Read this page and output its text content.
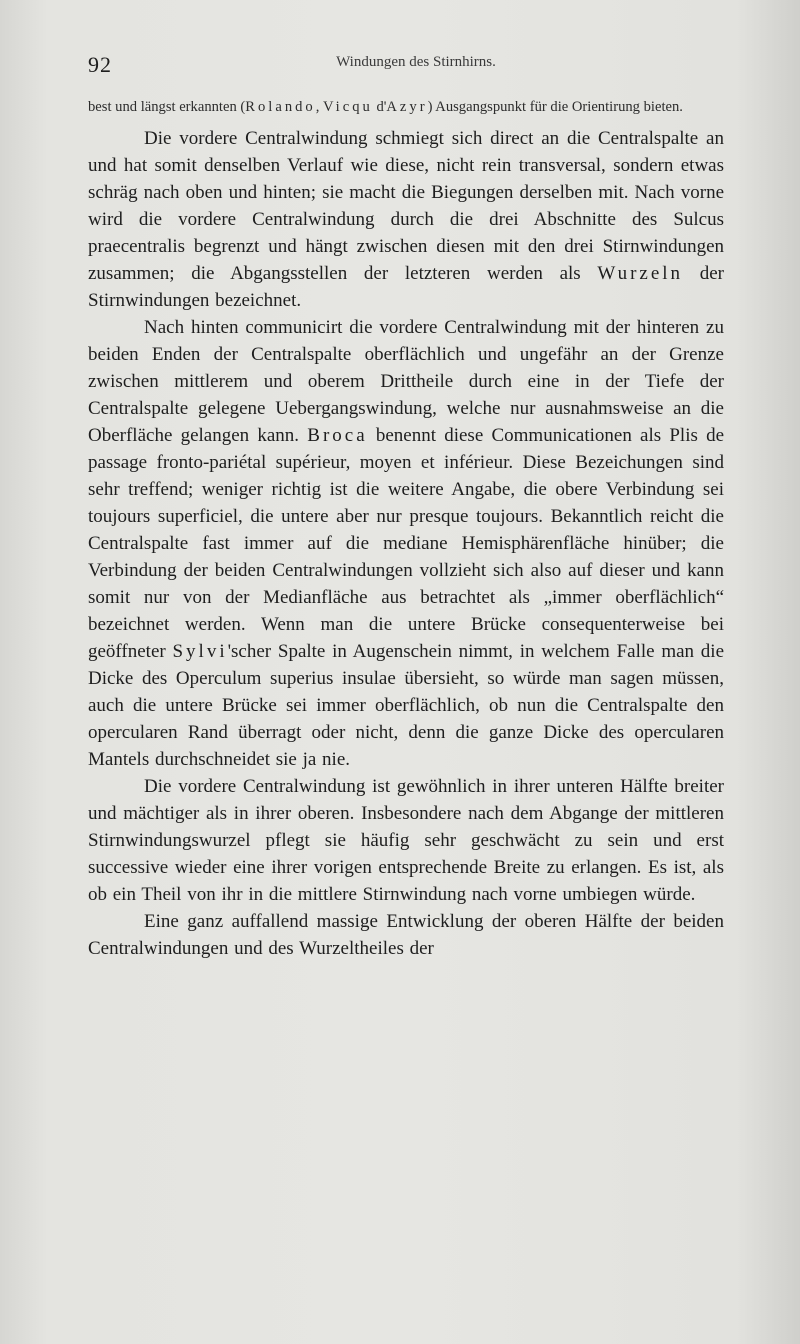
92	Windungen des Stirnhirns.

best und längst erkannten (Rolando, Vicqu d'Azyr) Ausgangspunkt für die Orientirung bieten.

Die vordere Centralwindung schmiegt sich direct an die Centralspalte an und hat somit denselben Verlauf wie diese, nicht rein transversal, sondern etwas schräg nach oben und hinten; sie macht die Biegungen derselben mit. Nach vorne wird die vordere Centralwindung durch die drei Abschnitte des Sulcus praecentralis begrenzt und hängt zwischen diesen mit den drei Stirnwindungen zusammen; die Abgangsstellen der letzteren werden als Wurzeln der Stirnwindungen bezeichnet.

Nach hinten communicirt die vordere Centralwindung mit der hinteren zu beiden Enden der Centralspalte oberflächlich und ungefähr an der Grenze zwischen mittlerem und oberem Drittheile durch eine in der Tiefe der Centralspalte gelegene Uebergangswindung, welche nur ausnahmsweise an die Oberfläche gelangen kann. Broca benennt diese Communicationen als Plis de passage fronto-pariétal supérieur, moyen et inférieur. Diese Bezeichungen sind sehr treffend; weniger richtig ist die weitere Angabe, die obere Verbindung sei toujours superficiel, die untere aber nur presque toujours. Bekanntlich reicht die Centralspalte fast immer auf die mediane Hemisphärenfläche hinüber; die Verbindung der beiden Centralwindungen vollzieht sich also auf dieser und kann somit nur von der Medianfläche aus betrachtet als „immer oberflächlich“ bezeichnet werden. Wenn man die untere Brücke consequenterweise bei geöffneter Sylvi'scher Spalte in Augenschein nimmt, in welchem Falle man die Dicke des Operculum superius insulae übersieht, so würde man sagen müssen, auch die untere Brücke sei immer oberflächlich, ob nun die Centralspalte den opercularen Rand überragt oder nicht, denn die ganze Dicke des opercularen Mantels durchschneidet sie ja nie.

Die vordere Centralwindung ist gewöhnlich in ihrer unteren Hälfte breiter und mächtiger als in ihrer oberen. Insbesondere nach dem Abgange der mittleren Stirnwindungswurzel pflegt sie häufig sehr geschwächt zu sein und erst successive wieder eine ihrer vorigen entsprechende Breite zu erlangen. Es ist, als ob ein Theil von ihr in die mittlere Stirnwindung nach vorne umbiegen würde.

Eine ganz auffallend massige Entwicklung der oberen Hälfte der beiden Centralwindungen und des Wurzeltheiles der
